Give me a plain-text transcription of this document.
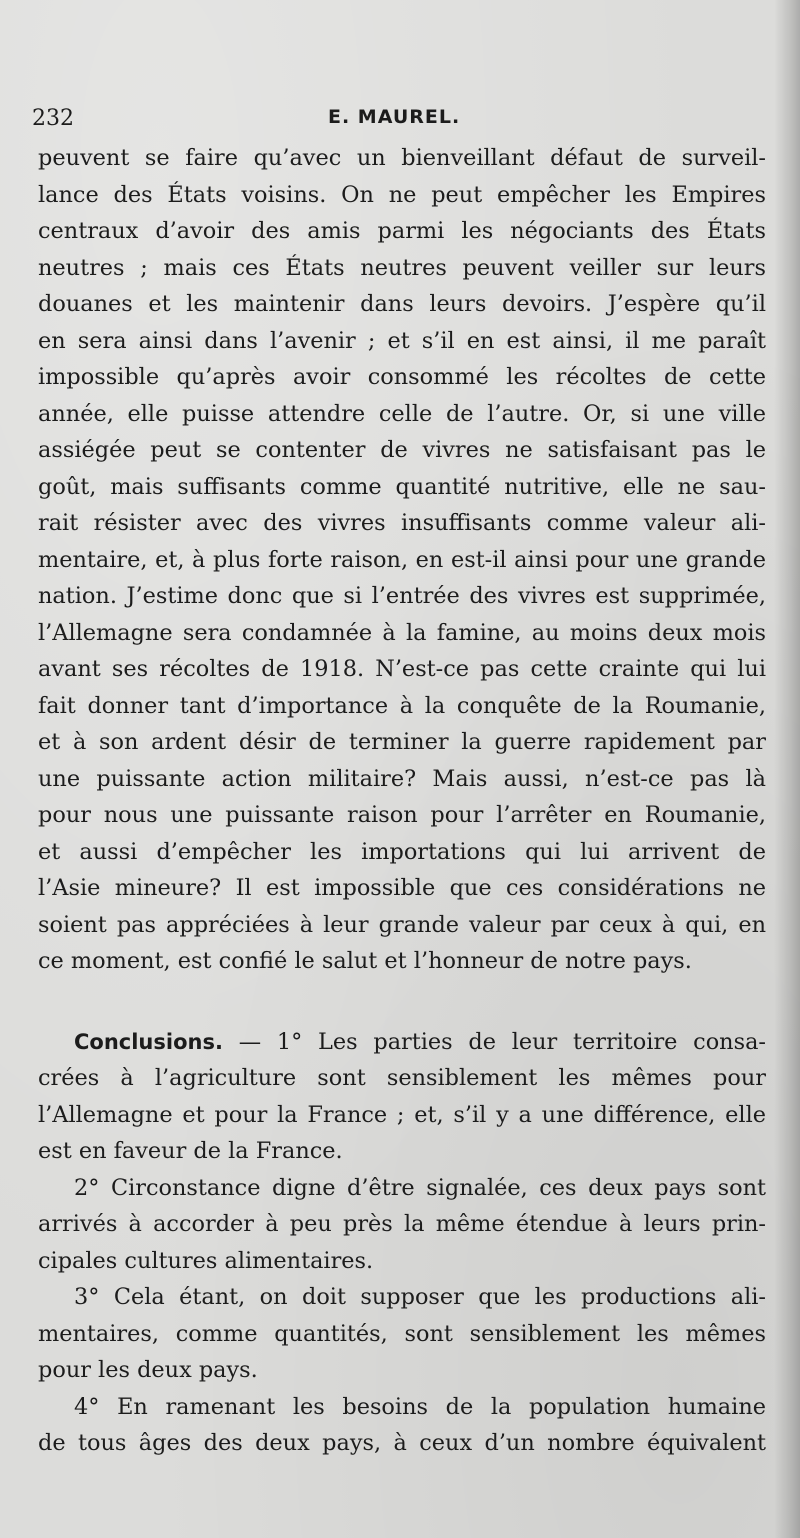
232	E. MAUREL.
peuvent se faire qu’avec un bienveillant défaut de surveil-
lance des États voisins. On ne peut empêcher les Empires
centraux d’avoir des amis parmi les négociants des États
neutres ; mais ces États neutres peuvent veiller sur leurs
douanes et les maintenir dans leurs devoirs. J’espère qu’il
en sera ainsi dans l’avenir ; et s’il en est ainsi, il me paraît
impossible qu’après avoir consommé les récoltes de cette
année, elle puisse attendre celle de l’autre. Or, si une ville
assiégée peut se contenter de vivres ne satisfaisant pas le
goût, mais suffisants comme quantité nutritive, elle ne sau-
rait résister avec des vivres insuffisants comme valeur ali-
mentaire, et, à plus forte raison, en est-il ainsi pour une grande
nation. J’estime donc que si l’entrée des vivres est supprimée,
l’Allemagne sera condamnée à la famine, au moins deux mois
avant ses récoltes de 1918. N’est-ce pas cette crainte qui lui
fait donner tant d’importance à la conquête de la Roumanie,
et à son ardent désir de terminer la guerre rapidement par
une puissante action militaire? Mais aussi, n’est-ce pas là
pour nous une puissante raison pour l’arrêter en Roumanie,
et aussi d’empêcher les importations qui lui arrivent de
l’Asie mineure? Il est impossible que ces considérations ne
soient pas appréciées à leur grande valeur par ceux à qui, en
ce moment, est confié le salut et l’honneur de notre pays.
Conclusions. — 1° Les parties de leur territoire consa-
crées à l’agriculture sont sensiblement les mêmes pour
l’Allemagne et pour la France ; et, s’il y a une différence, elle
est en faveur de la France.
2° Circonstance digne d’être signalée, ces deux pays sont
arrivés à accorder à peu près la même étendue à leurs prin-
cipales cultures alimentaires.
3° Cela étant, on doit supposer que les productions ali-
mentaires, comme quantités, sont sensiblement les mêmes
pour les deux pays.
4° En ramenant les besoins de la population humaine
de tous âges des deux pays, à ceux d’un nombre équivalent
